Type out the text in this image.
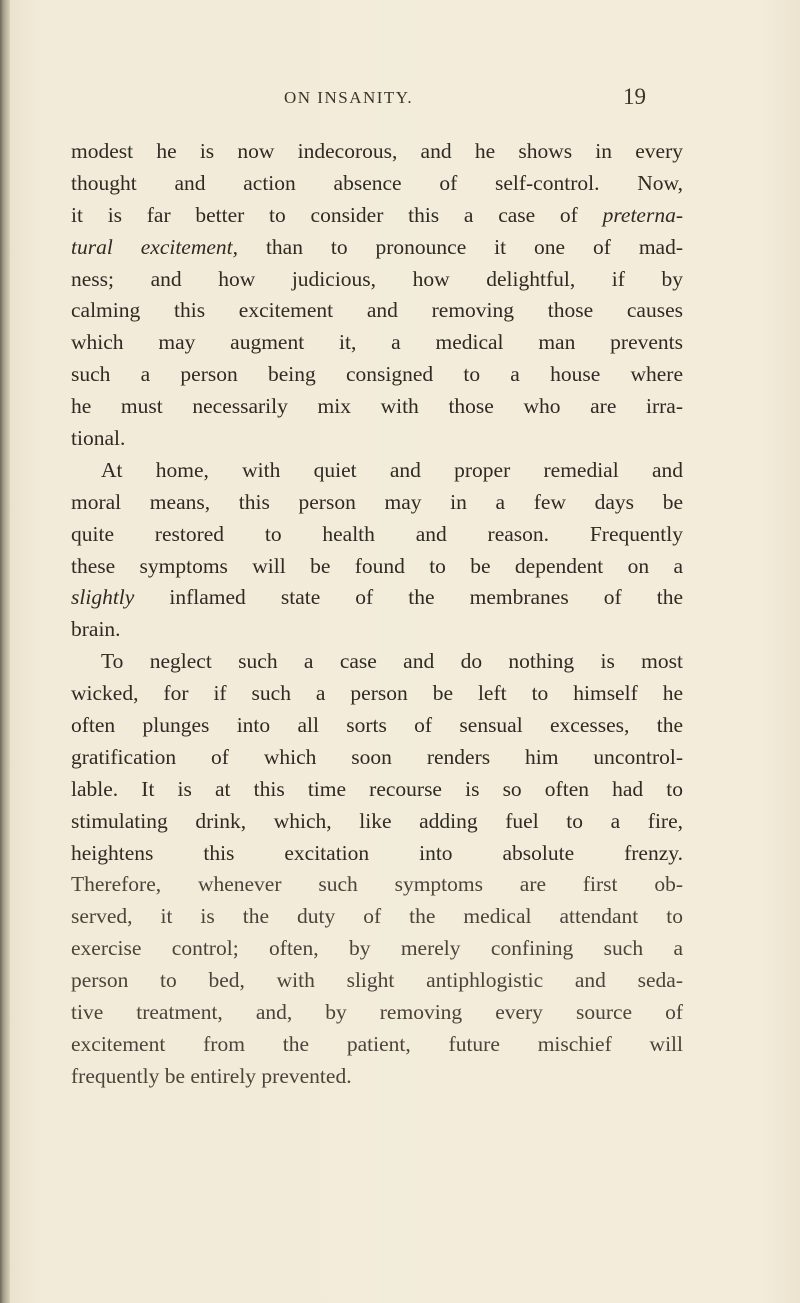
ON INSANITY.	19
modest he is now indecorous, and he shows in every
thought and action absence of self-control. Now,
it is far better to consider this a case of preterna-
tural excitement, than to pronounce it one of mad-
ness; and how judicious, how delightful, if by
calming this excitement and removing those causes
which may augment it, a medical man prevents
such a person being consigned to a house where
he must necessarily mix with those who are irra-
tional.
At home, with quiet and proper remedial and
moral means, this person may in a few days be
quite restored to health and reason. Frequently
these symptoms will be found to be dependent on a
slightly inflamed state of the membranes of the
brain.
To neglect such a case and do nothing is most
wicked, for if such a person be left to himself he
often plunges into all sorts of sensual excesses, the
gratification of which soon renders him uncontrol-
lable. It is at this time recourse is so often had to
stimulating drink, which, like adding fuel to a fire,
heightens this excitation into absolute frenzy.
Therefore, whenever such symptoms are first ob-
served, it is the duty of the medical attendant to
exercise control; often, by merely confining such a
person to bed, with slight antiphlogistic and seda-
tive treatment, and, by removing every source of
excitement from the patient, future mischief will
frequently be entirely prevented.
